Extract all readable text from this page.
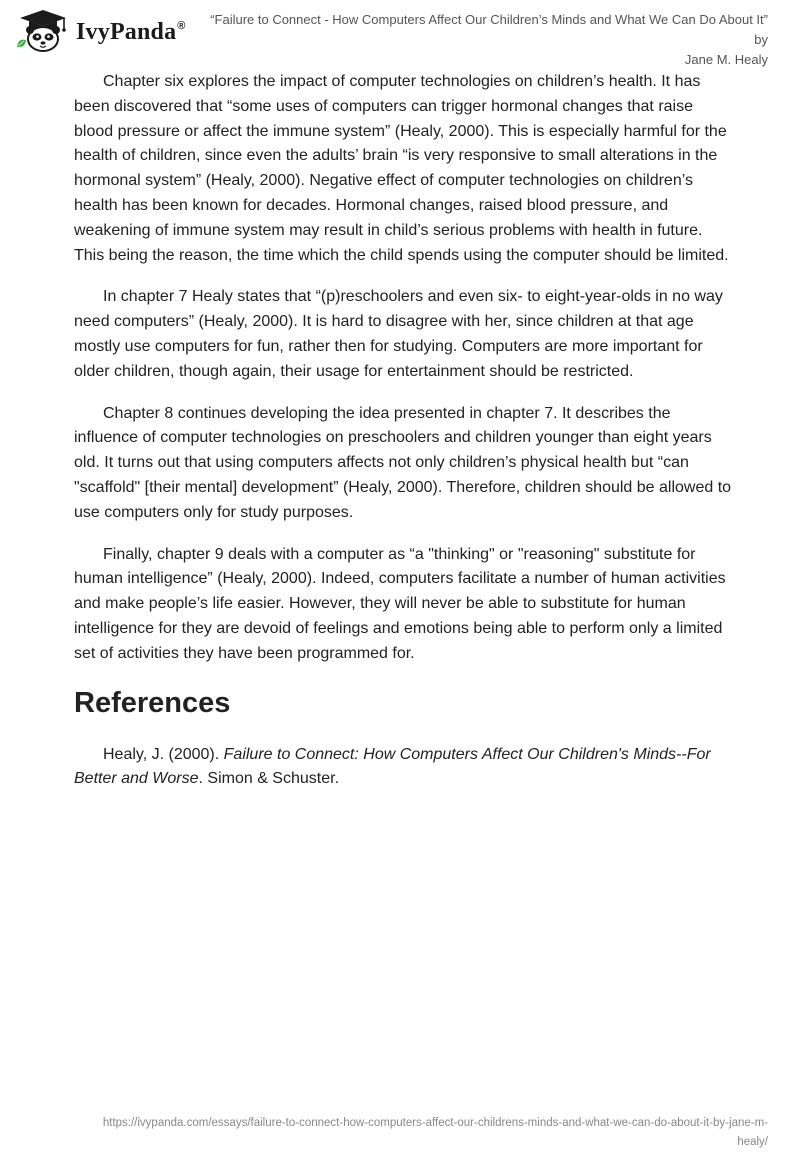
IvyPanda® “Failure to Connect - How Computers Affect Our Children’s Minds and What We Can Do About It” by
Jane M. Healy

Chapter six explores the impact of computer technologies on children’s health. It has been discovered that “some uses of computers can trigger hormonal changes that raise blood pressure or affect the immune system” (Healy, 2000). This is especially harmful for the health of children, since even the adults’ brain “is very responsive to small alterations in the hormonal system” (Healy, 2000). Negative effect of computer technologies on children’s health has been known for decades. Hormonal changes, raised blood pressure, and weakening of immune system may result in child’s serious problems with health in future. This being the reason, the time which the child spends using the computer should be limited.

In chapter 7 Healy states that “(p)reschoolers and even six- to eight-year-olds in no way need computers” (Healy, 2000). It is hard to disagree with her, since children at that age mostly use computers for fun, rather then for studying. Computers are more important for older children, though again, their usage for entertainment should be restricted.

Chapter 8 continues developing the idea presented in chapter 7. It describes the influence of computer technologies on preschoolers and children younger than eight years old. It turns out that using computers affects not only children’s physical health but “can "scaffold" [their mental] development” (Healy, 2000). Therefore, children should be allowed to use computers only for study purposes.

Finally, chapter 9 deals with a computer as “a "thinking" or "reasoning" substitute for human intelligence” (Healy, 2000). Indeed, computers facilitate a number of human activities and make people’s life easier. However, they will never be able to substitute for human intelligence for they are devoid of feelings and emotions being able to perform only a limited set of activities they have been programmed for.

References

Healy, J. (2000). Failure to Connect: How Computers Affect Our Children's Minds--For Better and Worse. Simon & Schuster.

https://ivypanda.com/essays/failure-to-connect-how-computers-affect-our-childrens-minds-and-what-we-can-do-about-it-by-jane-m-
healy/
